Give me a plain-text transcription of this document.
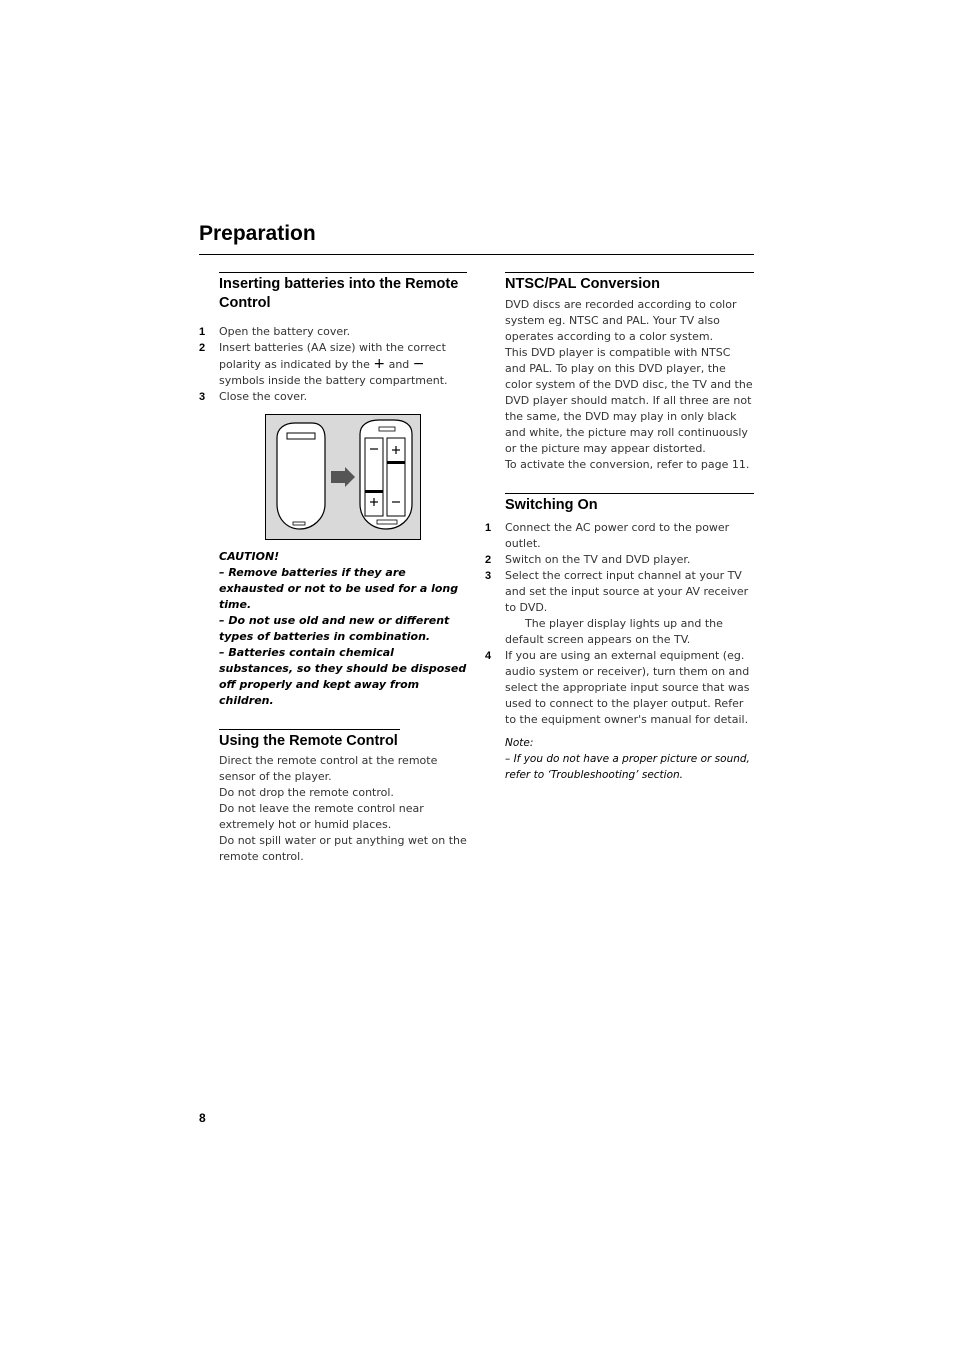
Preparation
Inserting batteries into the Remote Control
1 Open the battery cover.
2 Insert batteries (AA size) with the correct polarity as indicated by the + and − symbols inside the battery compartment.
3 Close the cover.

CAUTION!

– Remove batteries if they are exhausted or not to be used for a long time.

– Do not use old and new or different types of batteries in combination.

– Batteries contain chemical substances, so they should be disposed off properly and kept away from children.

Using the Remote Control

Direct the remote control at the remote sensor of the player.

Do not drop the remote control.

Do not leave the remote control near extremely hot or humid places.

Do not spill water or put anything wet on the remote control.

NTSC/PAL Conversion

DVD discs are recorded according to color system eg. NTSC and PAL. Your TV also operates according to a color system.

This DVD player is compatible with NTSC and PAL. To play on this DVD player, the color system of the DVD disc, the TV and the DVD player should match. If all three are not the same, the DVD may play in only black and white, the picture may roll continuously or the picture may appear distorted.

To activate the conversion, refer to page 11.

Switching On
1 Connect the AC power cord to the power outlet.
2 Switch on the TV and DVD player.
3 Select the correct input channel at your TV and set the input source at your AV receiver to DVD.
The player display lights up and the default screen appears on the TV.
4 If you are using an external equipment (eg. audio system or receiver), turn them on and select the appropriate input source that was used to connect to the player output. Refer to the equipment owner's manual for detail.

Note:

– If you do not have a proper picture or sound, refer to ‘Troubleshooting’ section.

8
